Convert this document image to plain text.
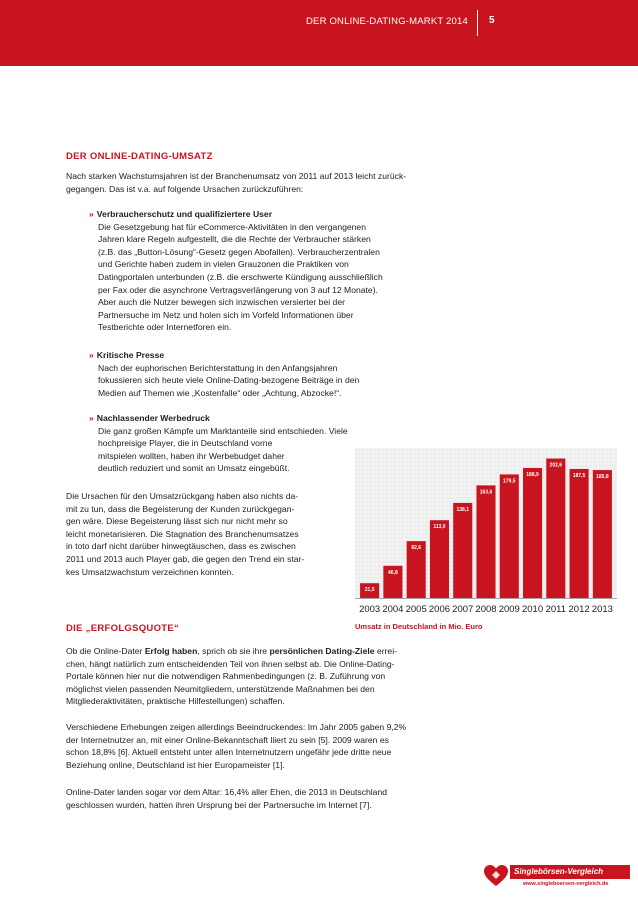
DER ONLINE-DATING-MARKT 2014 5
DER ONLINE-DATING-UMSATZ
Nach starken Wachstumsjahren ist der Branchenumsatz von 2011 auf 2013 leicht zurück-
gegangen. Das ist v.a. auf folgende Ursachen zurückzuführen:
» Verbraucherschutz und qualifiziertere User
Die Gesetzgebung hat für eCommerce-Aktivitäten in den vergangenen
Jahren klare Regeln aufgestellt, die die Rechte der Verbraucher stärken
(z.B. das „Button-Lösung“-Gesetz gegen Abofallen). Verbraucherzentralen
und Gerichte haben zudem in vielen Grauzonen die Praktiken von
Datingportalen unterbunden (z.B. die erschwerte Kündigung ausschließlich
per Fax oder die asynchrone Vertragsverlängerung von 3 auf 12 Monate).
Aber auch die Nutzer bewegen sich inzwischen versierter bei der
Partnersuche im Netz und holen sich im Vorfeld Informationen über
Testberichte oder Internetforen ein.
» Kritische Presse
Nach der euphorischen Berichterstattung in den Anfangsjahren
fokussieren sich heute viele Online-Dating-bezogene Beiträge in den
Medien auf Themen wie „Kostenfalle“ oder „Achtung, Abzocke!“.
» Nachlassender Werbedruck
Die ganz großen Kämpfe um Marktanteile sind entschieden. Viele
hochpreisige Player, die in Deutschland vorne
mitspielen wollten, haben ihr Werbebudget daher
deutlich reduziert und somit an Umsatz eingebüßt.
Die Ursachen für den Umsatzrückgang haben also nichts da-
mit zu tun, dass die Begeisterung der Kunden zurückgegan-
gen wäre. Diese Begeisterung lässt sich nur nicht mehr so
leicht monetarisieren. Die Stagnation des Branchenumsatzes
in toto darf nicht darüber hinwegtäuschen, dass es zwischen
2011 und 2013 auch Player gab, die gegen den Trend ein star-
kes Umsatzwachstum verzeichnen konnten.
21,5
2003
46,8
2004
82,6
2005
113,0
2006
138,1
2007
163,6
2008
179,5
2009
188,9
2010
202,6
2011
187,5
2012
185,8
2013
Umsatz in Deutschland in Mio. Euro
DIE „ERFOLGSQUOTE“
Ob die Online-Dater Erfolg haben, sprich ob sie ihre persönlichen Dating-Ziele errei-
chen, hängt natürlich zum entscheidenden Teil von ihnen selbst ab. Die Online-Dating-
Portale können hier nur die notwendigen Rahmenbedingungen (z. B. Zuführung von
möglichst vielen passenden Neumitgliedern, unterstützende Maßnahmen bei den
Mitgliederaktivitäten, praktische Hilfestellungen) schaffen.
Verschiedene Erhebungen zeigen allerdings Beeindruckendes: Im Jahr 2005 gaben 9,2%
der Internetnutzer an, mit einer Online-Bekanntschaft liiert zu sein [5]. 2009 waren es
schon 18,8% [6]. Aktuell entsteht unter allen Internetnutzern ungefähr jede dritte neue
Beziehung online, Deutschland ist hier Europameister [1].
Online-Dater landen sogar vor dem Altar: 16,4% aller Ehen, die 2013 in Deutschland
geschlossen wurden, hatten ihren Ursprung bei der Partnersuche im Internet [7].
Singlebörsen-Vergleich
www.singleboersen-vergleich.de
